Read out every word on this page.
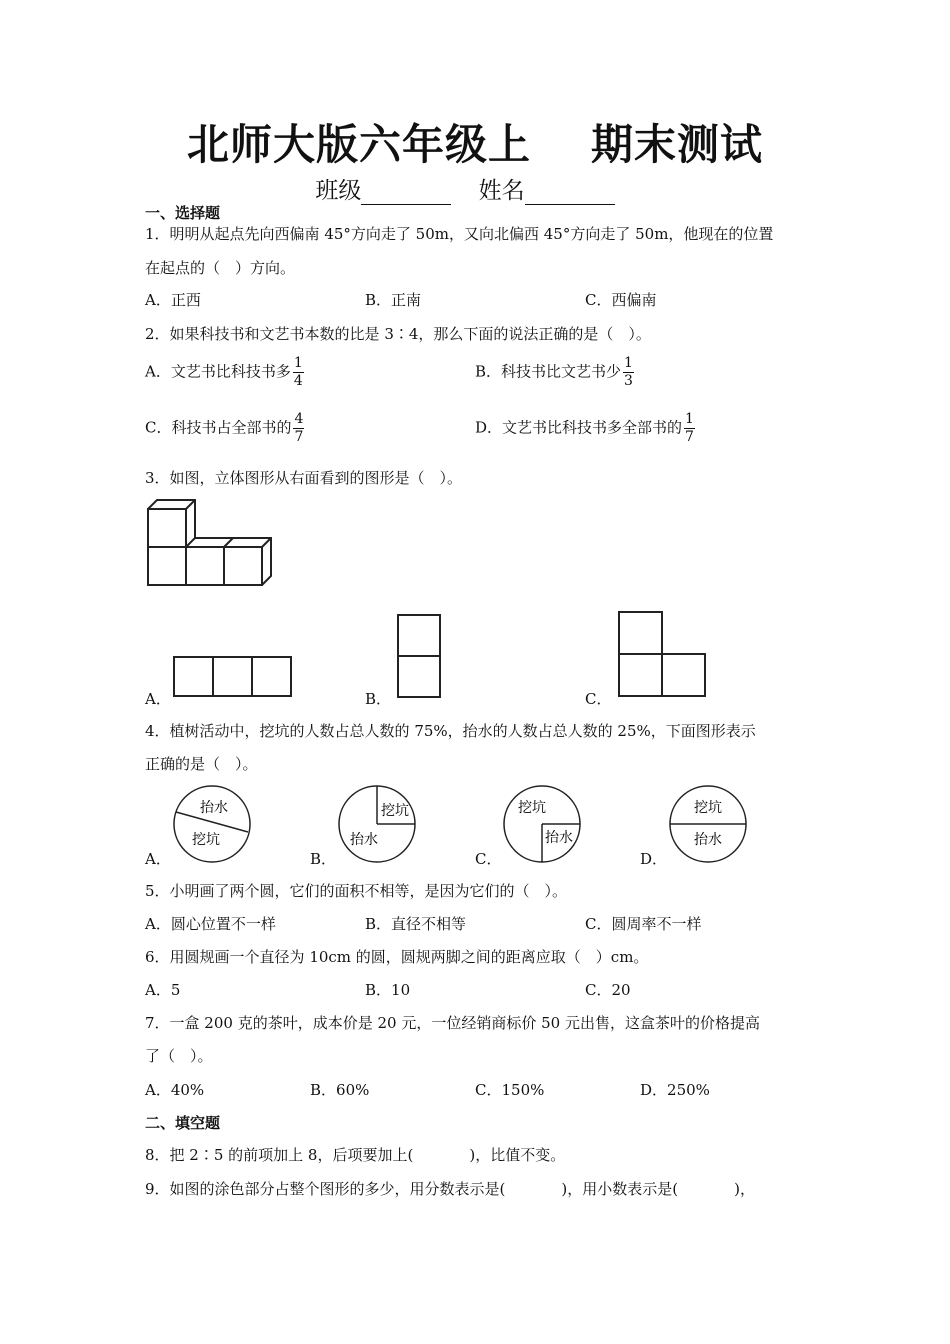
北师大版六年级上 期末测试
班级	姓名
一、选择题
1．明明从起点先向西偏南 45°方向走了 50m，又向北偏西 45°方向走了 50m，他现在的位置
在起点的（　）方向。
A．正西	B．正南	C．西偏南
2．如果科技书和文艺书本数的比是 3∶4，那么下面的说法正确的是（　）。
A．文艺书比科技书多 $\frac{1}{4}$	B．科技书比文艺书少 $\frac{1}{3}$
C．科技书占全部书的 $\frac{4}{7}$	D．文艺书比科技书多全部书的 $\frac{1}{7}$
3．如图，立体图形从右面看到的图形是（　）。
A．	B．	C．
4．植树活动中，挖坑的人数占总人数的 75%，抬水的人数占总人数的 25%，下面图形表示
正确的是（　）。
A．
抬水
挖坑
B．
挖坑
抬水
C．
挖坑
抬水
D．
挖坑
抬水
5．小明画了两个圆，它们的面积不相等，是因为它们的（　）。
A．圆心位置不一样	B．直径不相等	C．圆周率不一样
6．用圆规画一个直径为 10cm 的圆，圆规两脚之间的距离应取（　）cm。
A．5	B．10	C．20
7．一盒 200 克的茶叶，成本价是 20 元，一位经销商标价 50 元出售，这盒茶叶的价格提高
了（　）。
A．40%	B．60%	C．150%	D．250%
二、填空题
8．把 2∶5 的前项加上 8，后项要加上(	)，比值不变。
9．如图的涂色部分占整个图形的多少，用分数表示是(	)，用小数表示是(	)，
